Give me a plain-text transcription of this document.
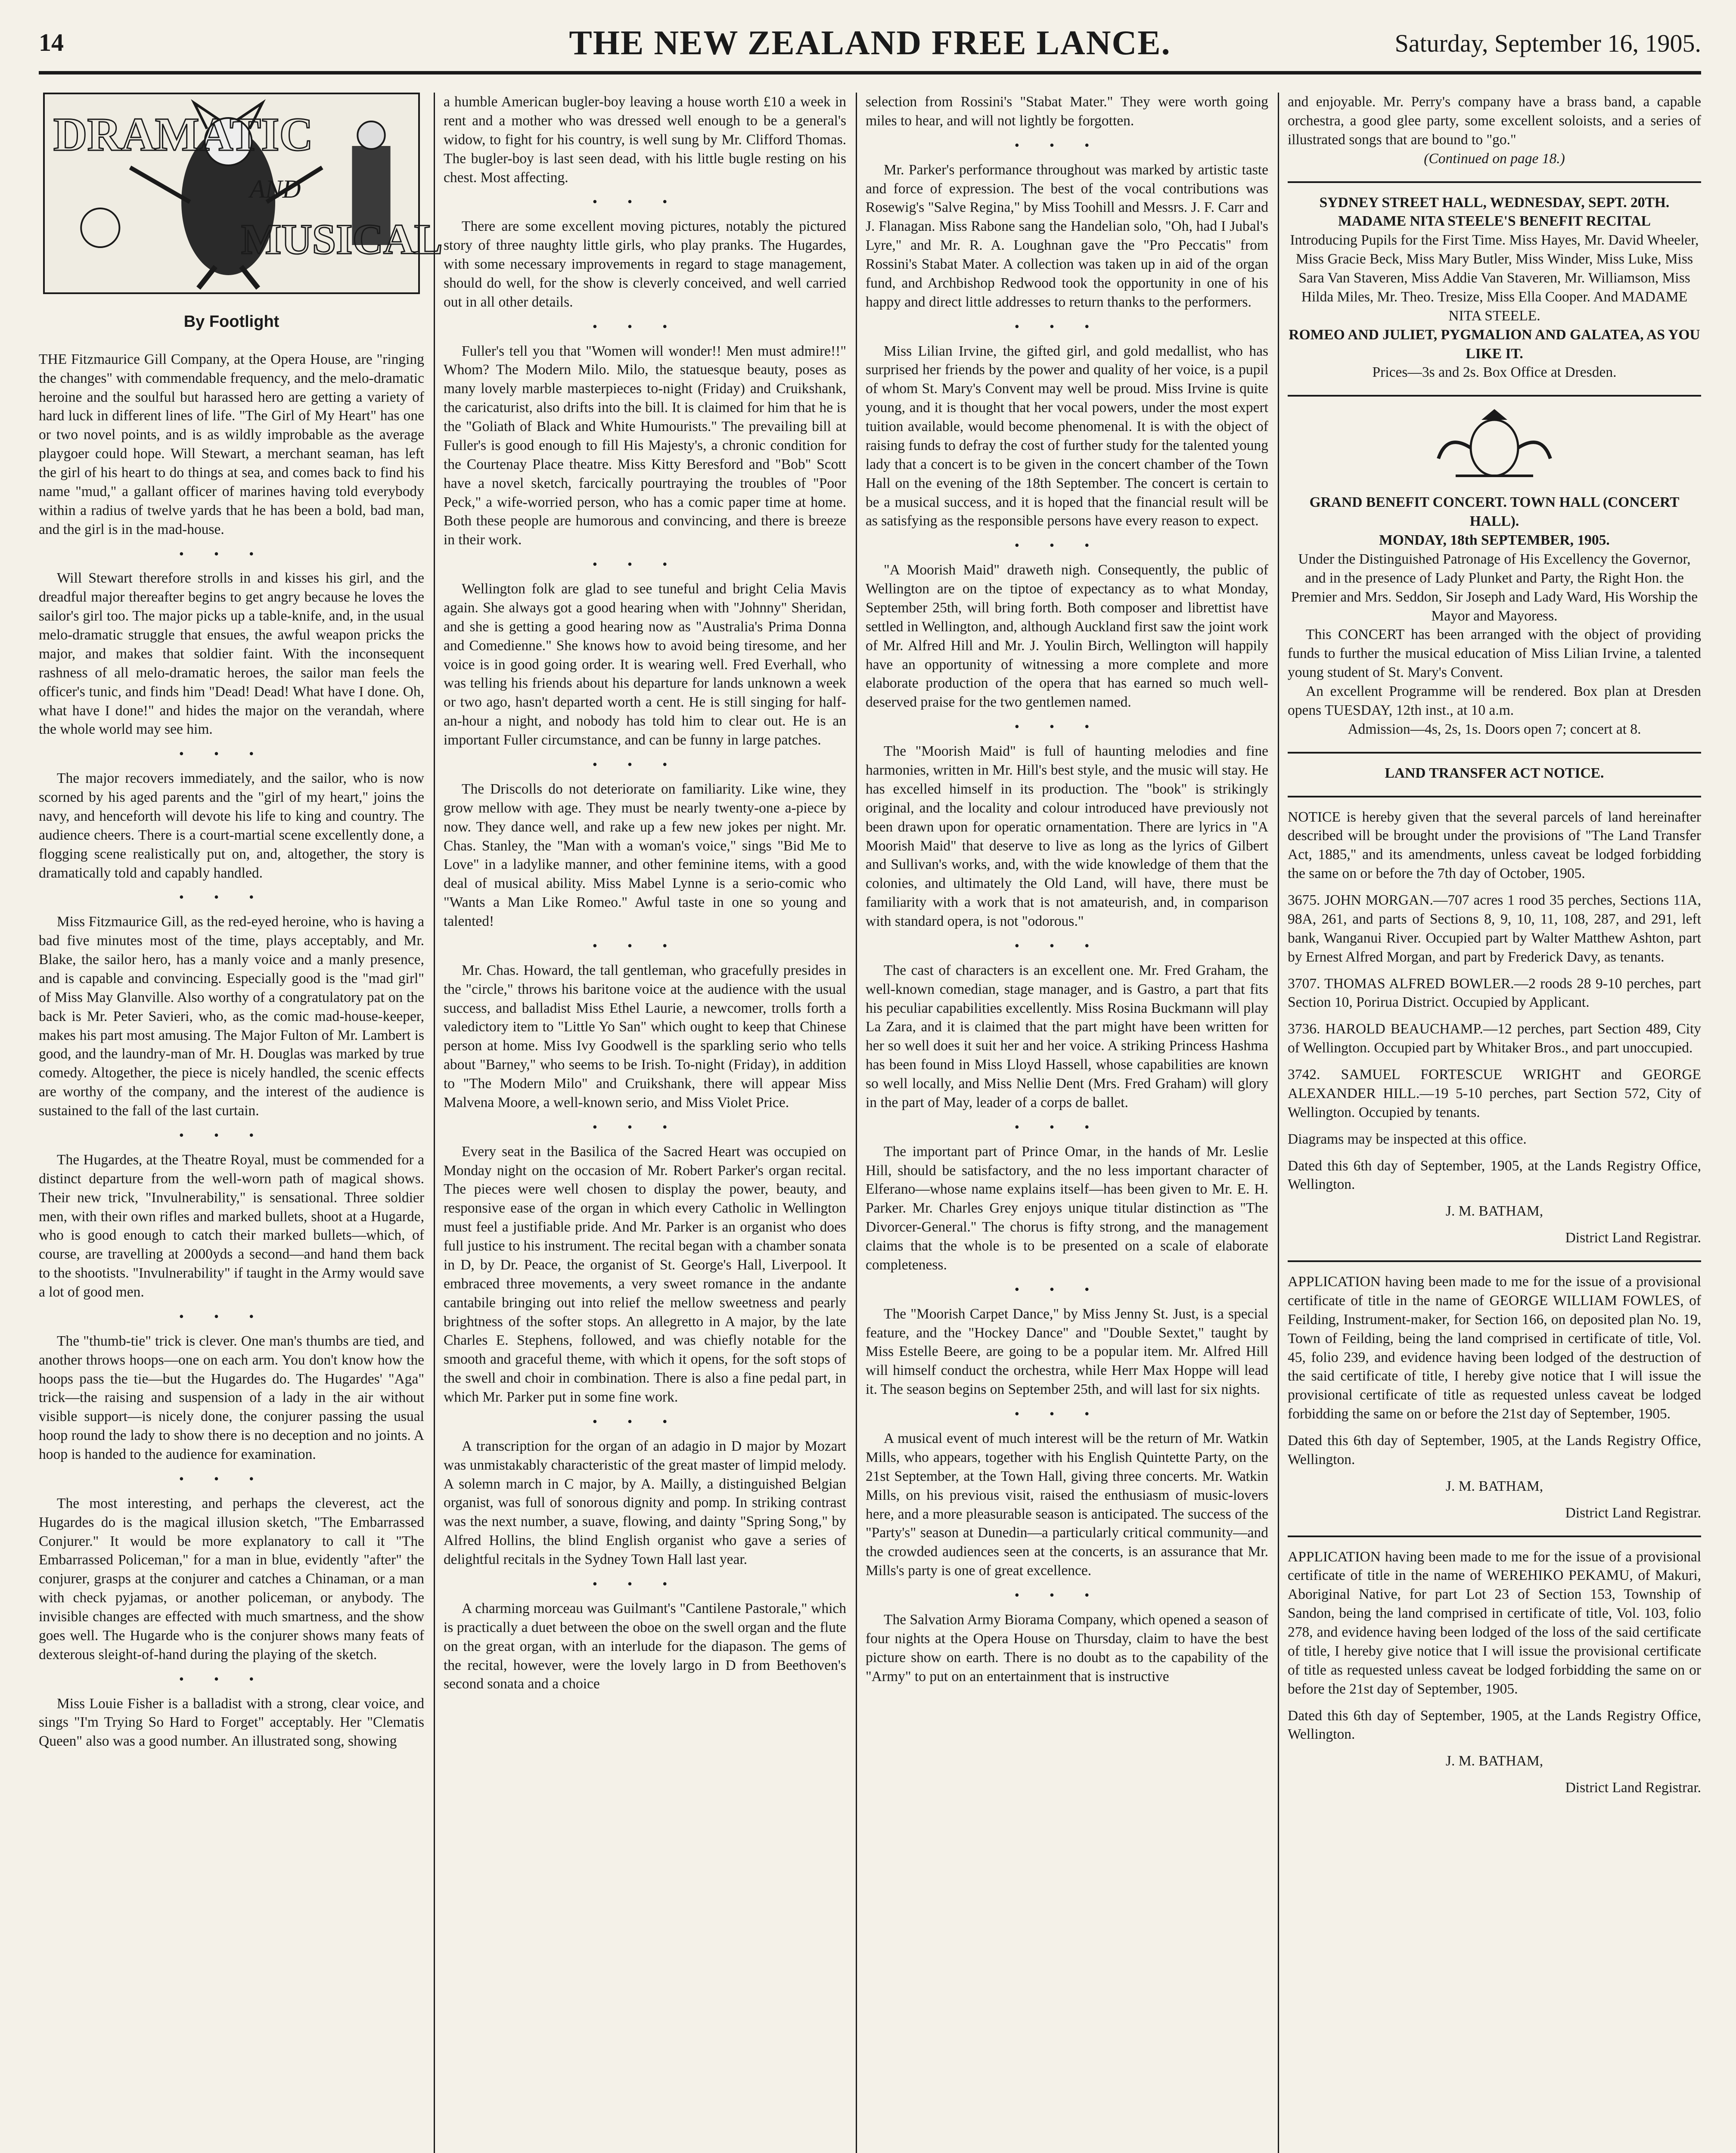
14	THE NEW ZEALAND FREE LANCE.	Saturday, September 16, 1905.
DRAMATIC
AND
MUSICAL

By Footlight

THE Fitzmaurice Gill Company, at the Opera House, are "ringing the changes" with commendable frequency, and the melo-dramatic heroine and the soulful but harassed hero are getting a variety of hard luck in different lines of life. "The Girl of My Heart" has one or two novel points, and is as wildly improbable as the average playgoer could hope. Will Stewart, a merchant seaman, has left the girl of his heart to do things at sea, and comes back to find his name "mud," a gallant officer of marines having told everybody within a radius of twelve yards that he has been a bold, bad man, and the girl is in the mad-house.

•••

Will Stewart therefore strolls in and kisses his girl, and the dreadful major thereafter begins to get angry because he loves the sailor's girl too. The major picks up a table-knife, and, in the usual melo-dramatic struggle that ensues, the awful weapon pricks the major, and makes that soldier faint. With the inconsequent rashness of all melo-dramatic heroes, the sailor man feels the officer's tunic, and finds him "Dead! Dead! What have I done. Oh, what have I done!" and hides the major on the verandah, where the whole world may see him.

•••

The major recovers immediately, and the sailor, who is now scorned by his aged parents and the "girl of my heart," joins the navy, and henceforth will devote his life to king and country. The audience cheers. There is a court-martial scene excellently done, a flogging scene realistically put on, and, altogether, the story is dramatically told and capably handled.

•••

Miss Fitzmaurice Gill, as the red-eyed heroine, who is having a bad five minutes most of the time, plays acceptably, and Mr. Blake, the sailor hero, has a manly voice and a manly presence, and is capable and convincing. Especially good is the "mad girl" of Miss May Glanville. Also worthy of a congratulatory pat on the back is Mr. Peter Savieri, who, as the comic mad-house-keeper, makes his part most amusing. The Major Fulton of Mr. Lambert is good, and the laundry-man of Mr. H. Douglas was marked by true comedy. Altogether, the piece is nicely handled, the scenic effects are worthy of the company, and the interest of the audience is sustained to the fall of the last curtain.

•••

The Hugardes, at the Theatre Royal, must be commended for a distinct departure from the well-worn path of magical shows. Their new trick, "Invulnerability," is sensational. Three soldier men, with their own rifles and marked bullets, shoot at a Hugarde, who is good enough to catch their marked bullets—which, of course, are travelling at 2000yds a second—and hand them back to the shootists. "Invulnerability" if taught in the Army would save a lot of good men.

•••

The "thumb-tie" trick is clever. One man's thumbs are tied, and another throws hoops—one on each arm. You don't know how the hoops pass the tie—but the Hugardes do. The Hugardes' "Aga" trick—the raising and suspension of a lady in the air without visible support—is nicely done, the conjurer passing the usual hoop round the lady to show there is no deception and no joints. A hoop is handed to the audience for examination.

•••

The most interesting, and perhaps the cleverest, act the Hugardes do is the magical illusion sketch, "The Embarrassed Conjurer." It would be more explanatory to call it "The Embarrassed Policeman," for a man in blue, evidently "after" the conjurer, grasps at the conjurer and catches a Chinaman, or a man with check pyjamas, or another policeman, or anybody. The invisible changes are effected with much smartness, and the show goes well. The Hugarde who is the conjurer shows many feats of dexterous sleight-of-hand during the playing of the sketch.

•••

Miss Louie Fisher is a balladist with a strong, clear voice, and sings "I'm Trying So Hard to Forget" acceptably. Her "Clematis Queen" also was a good number. An illustrated song, showing

a humble American bugler-boy leaving a house worth £10 a week in rent and a mother who was dressed well enough to be a general's widow, to fight for his country, is well sung by Mr. Clifford Thomas. The bugler-boy is last seen dead, with his little bugle resting on his chest. Most affecting.

•••

There are some excellent moving pictures, notably the pictured story of three naughty little girls, who play pranks. The Hugardes, with some necessary improvements in regard to stage management, should do well, for the show is cleverly conceived, and well carried out in all other details.

•••

Fuller's tell you that "Women will wonder!! Men must admire!!" Whom? The Modern Milo. Milo, the statuesque beauty, poses as many lovely marble masterpieces to-night (Friday) and Cruikshank, the caricaturist, also drifts into the bill. It is claimed for him that he is the "Goliath of Black and White Humourists." The prevailing bill at Fuller's is good enough to fill His Majesty's, a chronic condition for the Courtenay Place theatre. Miss Kitty Beresford and "Bob" Scott have a novel sketch, farcically pourtraying the troubles of "Poor Peck," a wife-worried person, who has a comic paper time at home. Both these people are humorous and convincing, and there is breeze in their work.

•••

Wellington folk are glad to see tuneful and bright Celia Mavis again. She always got a good hearing when with "Johnny" Sheridan, and she is getting a good hearing now as "Australia's Prima Donna and Comedienne." She knows how to avoid being tiresome, and her voice is in good going order. It is wearing well. Fred Everhall, who was telling his friends about his departure for lands unknown a week or two ago, hasn't departed worth a cent. He is still singing for half-an-hour a night, and nobody has told him to clear out. He is an important Fuller circumstance, and can be funny in large patches.

•••

The Driscolls do not deteriorate on familiarity. Like wine, they grow mellow with age. They must be nearly twenty-one a-piece by now. They dance well, and rake up a few new jokes per night. Mr. Chas. Stanley, the "Man with a woman's voice," sings "Bid Me to Love" in a ladylike manner, and other feminine items, with a good deal of musical ability. Miss Mabel Lynne is a serio-comic who "Wants a Man Like Romeo." Awful taste in one so young and talented!

•••

Mr. Chas. Howard, the tall gentleman, who gracefully presides in the "circle," throws his baritone voice at the audience with the usual success, and balladist Miss Ethel Laurie, a newcomer, trolls forth a valedictory item to "Little Yo San" which ought to keep that Chinese person at home. Miss Ivy Goodwell is the sparkling serio who tells about "Barney," who seems to be Irish. To-night (Friday), in addition to "The Modern Milo" and Cruikshank, there will appear Miss Malvena Moore, a well-known serio, and Miss Violet Price.

•••

Every seat in the Basilica of the Sacred Heart was occupied on Monday night on the occasion of Mr. Robert Parker's organ recital. The pieces were well chosen to display the power, beauty, and responsive ease of the organ in which every Catholic in Wellington must feel a justifiable pride. And Mr. Parker is an organist who does full justice to his instrument. The recital began with a chamber sonata in D, by Dr. Peace, the organist of St. George's Hall, Liverpool. It embraced three movements, a very sweet romance in the andante cantabile bringing out into relief the mellow sweetness and pearly brightness of the softer stops. An allegretto in A major, by the late Charles E. Stephens, followed, and was chiefly notable for the smooth and graceful theme, with which it opens, for the soft stops of the swell and choir in combination. There is also a fine pedal part, in which Mr. Parker put in some fine work.

•••

A transcription for the organ of an adagio in D major by Mozart was unmistakably characteristic of the great master of limpid melody. A solemn march in C major, by A. Mailly, a distinguished Belgian organist, was full of sonorous dignity and pomp. In striking contrast was the next number, a suave, flowing, and dainty "Spring Song," by Alfred Hollins, the blind English organist who gave a series of delightful recitals in the Sydney Town Hall last year.

•••

A charming morceau was Guilmant's "Cantilene Pastorale," which is practically a duet between the oboe on the swell organ and the flute on the great organ, with an interlude for the diapason. The gems of the recital, however, were the lovely largo in D from Beethoven's second sonata and a choice

selection from Rossini's "Stabat Mater." They were worth going miles to hear, and will not lightly be forgotten.

•••

Mr. Parker's performance throughout was marked by artistic taste and force of expression. The best of the vocal contributions was Rosewig's "Salve Regina," by Miss Toohill and Messrs. J. F. Carr and J. Flanagan. Miss Rabone sang the Handelian solo, "Oh, had I Jubal's Lyre," and Mr. R. A. Loughnan gave the "Pro Peccatis" from Rossini's Stabat Mater. A collection was taken up in aid of the organ fund, and Archbishop Redwood took the opportunity in one of his happy and direct little addresses to return thanks to the performers.

•••

Miss Lilian Irvine, the gifted girl, and gold medallist, who has surprised her friends by the power and quality of her voice, is a pupil of whom St. Mary's Convent may well be proud. Miss Irvine is quite young, and it is thought that her vocal powers, under the most expert tuition available, would become phenomenal. It is with the object of raising funds to defray the cost of further study for the talented young lady that a concert is to be given in the concert chamber of the Town Hall on the evening of the 18th September. The concert is certain to be a musical success, and it is hoped that the financial result will be as satisfying as the responsible persons have every reason to expect.

•••

"A Moorish Maid" draweth nigh. Consequently, the public of Wellington are on the tiptoe of expectancy as to what Monday, September 25th, will bring forth. Both composer and librettist have settled in Wellington, and, although Auckland first saw the joint work of Mr. Alfred Hill and Mr. J. Youlin Birch, Wellington will happily have an opportunity of witnessing a more complete and more elaborate production of the opera that has earned so much well-deserved praise for the two gentlemen named.

•••

The "Moorish Maid" is full of haunting melodies and fine harmonies, written in Mr. Hill's best style, and the music will stay. He has excelled himself in its production. The "book" is strikingly original, and the locality and colour introduced have previously not been drawn upon for operatic ornamentation. There are lyrics in "A Moorish Maid" that deserve to live as long as the lyrics of Gilbert and Sullivan's works, and, with the wide knowledge of them that the colonies, and ultimately the Old Land, will have, there must be familiarity with a work that is not amateurish, and, in comparison with standard opera, is not "odorous."

•••

The cast of characters is an excellent one. Mr. Fred Graham, the well-known comedian, stage manager, and is Gastro, a part that fits his peculiar capabilities excellently. Miss Rosina Buckmann will play La Zara, and it is claimed that the part might have been written for her so well does it suit her and her voice. A striking Princess Hashma has been found in Miss Lloyd Hassell, whose capabilities are known so well locally, and Miss Nellie Dent (Mrs. Fred Graham) will glory in the part of May, leader of a corps de ballet.

•••

The important part of Prince Omar, in the hands of Mr. Leslie Hill, should be satisfactory, and the no less important character of Elferano—whose name explains itself—has been given to Mr. E. H. Parker. Mr. Charles Grey enjoys unique titular distinction as "The Divorcer-General." The chorus is fifty strong, and the management claims that the whole is to be presented on a scale of elaborate completeness.

•••

The "Moorish Carpet Dance," by Miss Jenny St. Just, is a special feature, and the "Hockey Dance" and "Double Sextet," taught by Miss Estelle Beere, are going to be a popular item. Mr. Alfred Hill will himself conduct the orchestra, while Herr Max Hoppe will lead it. The season begins on September 25th, and will last for six nights.

•••

A musical event of much interest will be the return of Mr. Watkin Mills, who appears, together with his English Quintette Party, on the 21st September, at the Town Hall, giving three concerts. Mr. Watkin Mills, on his previous visit, raised the enthusiasm of music-lovers here, and a more pleasurable season is anticipated. The success of the "Party's" season at Dunedin—a particularly critical community—and the crowded audiences seen at the concerts, is an assurance that Mr. Mills's party is one of great excellence.

•••

The Salvation Army Biorama Company, which opened a season of four nights at the Opera House on Thursday, claim to have the best picture show on earth. There is no doubt as to the capability of the "Army" to put on an entertainment that is instructive

and enjoyable. Mr. Perry's company have a brass band, a capable orchestra, a good glee party, some excellent soloists, and a series of illustrated songs that are bound to "go."

(Continued on page 18.)

SYDNEY STREET HALL, WEDNESDAY, SEPT. 20TH.

MADAME NITA STEELE'S BENEFIT RECITAL

Introducing Pupils for the First Time. Miss Hayes, Mr. David Wheeler, Miss Gracie Beck, Miss Mary Butler, Miss Winder, Miss Luke, Miss Sara Van Staveren, Miss Addie Van Staveren, Mr. Williamson, Miss Hilda Miles, Mr. Theo. Tresize, Miss Ella Cooper. And MADAME NITA STEELE.

ROMEO AND JULIET, PYGMALION AND GALATEA, AS YOU LIKE IT.

Prices—3s and 2s. Box Office at Dresden.

GRAND BENEFIT CONCERT. TOWN HALL (CONCERT HALL).

MONDAY, 18th SEPTEMBER, 1905.

Under the Distinguished Patronage of His Excellency the Governor, and in the presence of Lady Plunket and Party, the Right Hon. the Premier and Mrs. Seddon, Sir Joseph and Lady Ward, His Worship the Mayor and Mayoress.

This CONCERT has been arranged with the object of providing funds to further the musical education of Miss Lilian Irvine, a talented young student of St. Mary's Convent.

An excellent Programme will be rendered. Box plan at Dresden opens TUESDAY, 12th inst., at 10 a.m.

Admission—4s, 2s, 1s. Doors open 7; concert at 8.

LAND TRANSFER ACT NOTICE.

NOTICE is hereby given that the several parcels of land hereinafter described will be brought under the provisions of "The Land Transfer Act, 1885," and its amendments, unless caveat be lodged forbidding the same on or before the 7th day of October, 1905.

3675. JOHN MORGAN.—707 acres 1 rood 35 perches, Sections 11A, 98A, 261, and parts of Sections 8, 9, 10, 11, 108, 287, and 291, left bank, Wanganui River. Occupied part by Walter Matthew Ashton, part by Ernest Alfred Morgan, and part by Frederick Davy, as tenants.

3707. THOMAS ALFRED BOWLER.—2 roods 28 9-10 perches, part Section 10, Porirua District. Occupied by Applicant.

3736. HAROLD BEAUCHAMP.—12 perches, part Section 489, City of Wellington. Occupied part by Whitaker Bros., and part unoccupied.

3742. SAMUEL FORTESCUE WRIGHT and GEORGE ALEXANDER HILL.—19 5-10 perches, part Section 572, City of Wellington. Occupied by tenants.

Diagrams may be inspected at this office.

Dated this 6th day of September, 1905, at the Lands Registry Office, Wellington.

J. M. BATHAM,

District Land Registrar.

APPLICATION having been made to me for the issue of a provisional certificate of title in the name of GEORGE WILLIAM FOWLES, of Feilding, Instrument-maker, for Section 166, on deposited plan No. 19, Town of Feilding, being the land comprised in certificate of title, Vol. 45, folio 239, and evidence having been lodged of the destruction of the said certificate of title, I hereby give notice that I will issue the provisional certificate of title as requested unless caveat be lodged forbidding the same on or before the 21st day of September, 1905.

Dated this 6th day of September, 1905, at the Lands Registry Office, Wellington.

J. M. BATHAM,

District Land Registrar.

APPLICATION having been made to me for the issue of a provisional certificate of title in the name of WEREHIKO PEKAMU, of Makuri, Aboriginal Native, for part Lot 23 of Section 153, Township of Sandon, being the land comprised in certificate of title, Vol. 103, folio 278, and evidence having been lodged of the loss of the said certificate of title, I hereby give notice that I will issue the provisional certificate of title as requested unless caveat be lodged forbidding the same on or before the 21st day of September, 1905.

Dated this 6th day of September, 1905, at the Lands Registry Office, Wellington.

J. M. BATHAM,

District Land Registrar.
